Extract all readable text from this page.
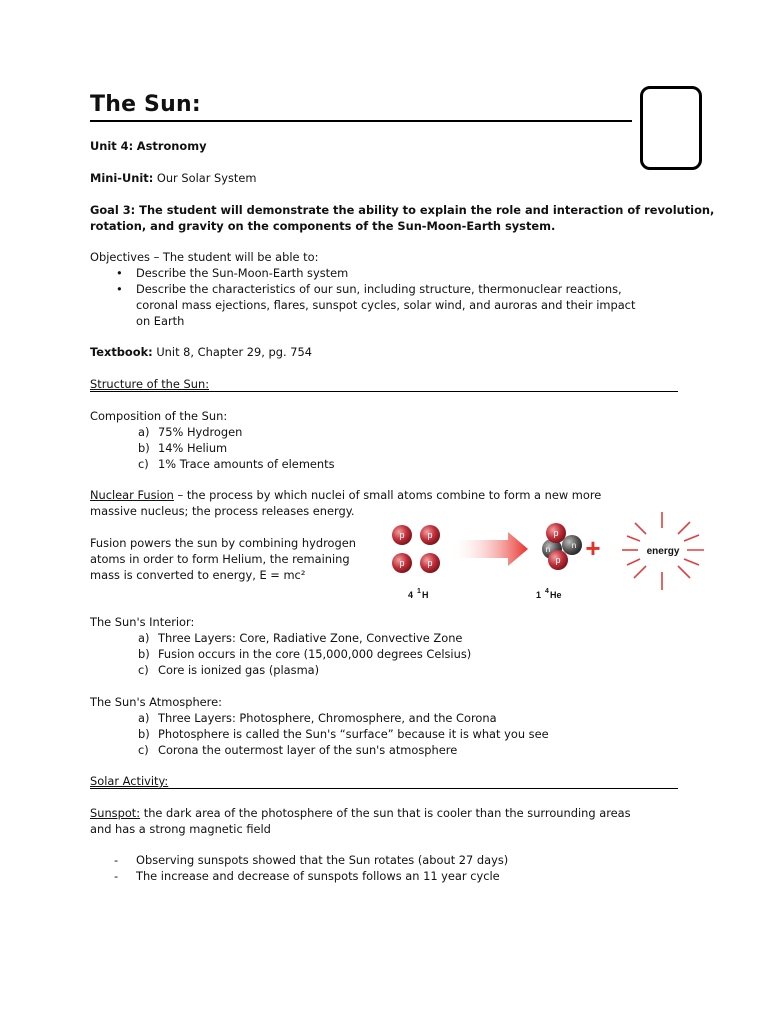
The Sun:
Unit 4: Astronomy
Mini-Unit: Our Solar System
Goal 3: The student will demonstrate the ability to explain the role and interaction of revolution,
rotation, and gravity on the components of the Sun-Moon-Earth system.
Objectives – The student will be able to:
• Describe the Sun-Moon-Earth system
• Describe the characteristics of our sun, including structure, thermonuclear reactions,
coronal mass ejections, flares, sunspot cycles, solar wind, and auroras and their impact
on Earth
Textbook: Unit 8, Chapter 29, pg. 754
Structure of the Sun:
Composition of the Sun:
a) 75% Hydrogen
b) 14% Helium
c) 1% Trace amounts of elements
Nuclear Fusion – the process by which nuclei of small atoms combine to form a new more
massive nucleus; the process releases energy.
Fusion powers the sun by combining hydrogen
atoms in order to form Helium, the remaining
mass is converted to energy, E = mc²
p	p
p	p
p
p
n	n +	energy
4 1 H	1 4 He
The Sun's Interior:
a) Three Layers: Core, Radiative Zone, Convective Zone
b) Fusion occurs in the core (15,000,000 degrees Celsius)
c) Core is ionized gas (plasma)
The Sun's Atmosphere:
a) Three Layers: Photosphere, Chromosphere, and the Corona
b) Photosphere is called the Sun's “surface” because it is what you see
c) Corona the outermost layer of the sun's atmosphere
Solar Activity:
Sunspot: the dark area of the photosphere of the sun that is cooler than the surrounding areas
and has a strong magnetic field
- Observing sunspots showed that the Sun rotates (about 27 days)
- The increase and decrease of sunspots follows an 11 year cycle
